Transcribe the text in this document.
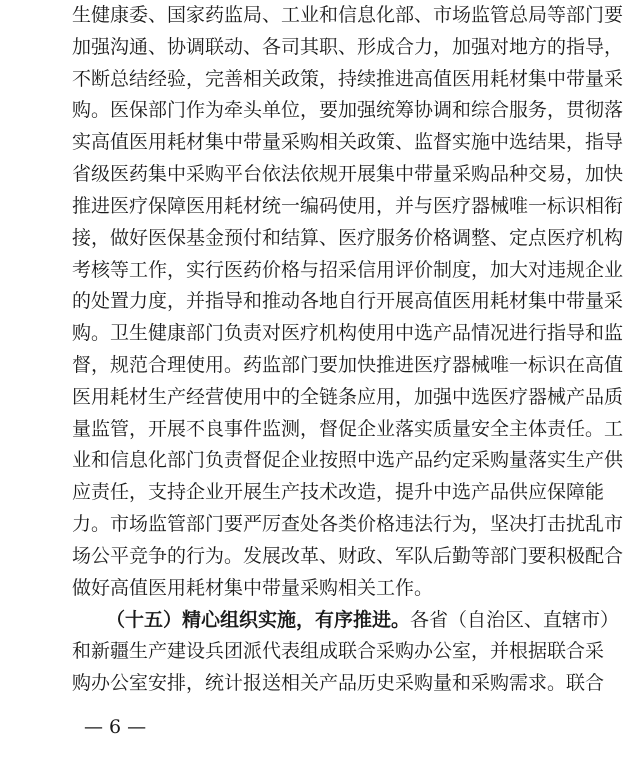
生健康委、国家药监局、工业和信息化部、市场监管总局等部门要
加强沟通、协调联动、各司其职、形成合力，加强对地方的指导，
不断总结经验，完善相关政策，持续推进高值医用耗材集中带量采
购。医保部门作为牵头单位，要加强统筹协调和综合服务，贯彻落
实高值医用耗材集中带量采购相关政策、监督实施中选结果，指导
省级医药集中采购平台依法依规开展集中带量采购品种交易，加快
推进医疗保障医用耗材统一编码使用，并与医疗器械唯一标识相衔
接，做好医保基金预付和结算、医疗服务价格调整、定点医疗机构
考核等工作，实行医药价格与招采信用评价制度，加大对违规企业
的处置力度，并指导和推动各地自行开展高值医用耗材集中带量采
购。卫生健康部门负责对医疗机构使用中选产品情况进行指导和监
督，规范合理使用。药监部门要加快推进医疗器械唯一标识在高值
医用耗材生产经营使用中的全链条应用，加强中选医疗器械产品质
量监管，开展不良事件监测，督促企业落实质量安全主体责任。工
业和信息化部门负责督促企业按照中选产品约定采购量落实生产供
应责任，支持企业开展生产技术改造，提升中选产品供应保障能
力。市场监管部门要严厉查处各类价格违法行为，坚决打击扰乱市
场公平竞争的行为。发展改革、财政、军队后勤等部门要积极配合
做好高值医用耗材集中带量采购相关工作。
（十五）精心组织实施，有序推进。各省（自治区、直辖市）
和新疆生产建设兵团派代表组成联合采购办公室，并根据联合采
购办公室安排，统计报送相关产品历史采购量和采购需求。联合
— 6 —
